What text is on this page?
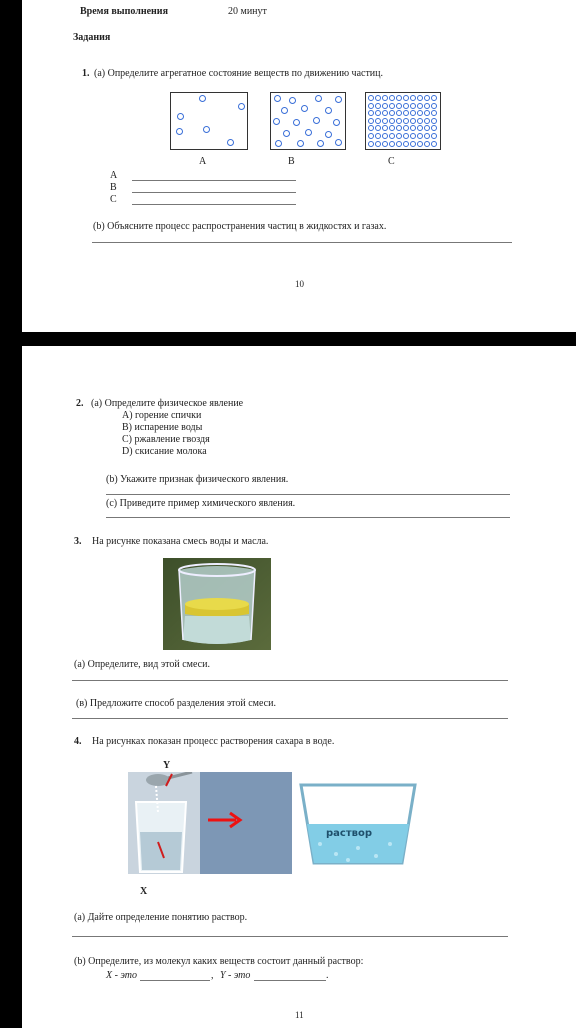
Время выполнения	20 минут
Задания
1. (а) Определите агрегатное состояние веществ по движению частиц.
A	B	C
A
B
C
(b) Объясните процесс распространения частиц в жидкостях и газах.
10
2. (а) Определите физическое явление
A) горение спички
B) испарение воды
C) ржавление гвоздя
D) скисание молока
(b) Укажите признак физического явления.
(с) Приведите пример химического явления.
3. На рисунке показана смесь воды и масла.
(а) Определите, вид этой смеси.
(в) Предложите способ разделения этой смеси.
4. На рисунках показан процесс растворения сахара в воде.
Y
раствор
X
(а) Дайте определение понятию раствор.
(b) Определите, из молекул каких веществ состоит данный раствор:
X - это	, Y - это	.
11
